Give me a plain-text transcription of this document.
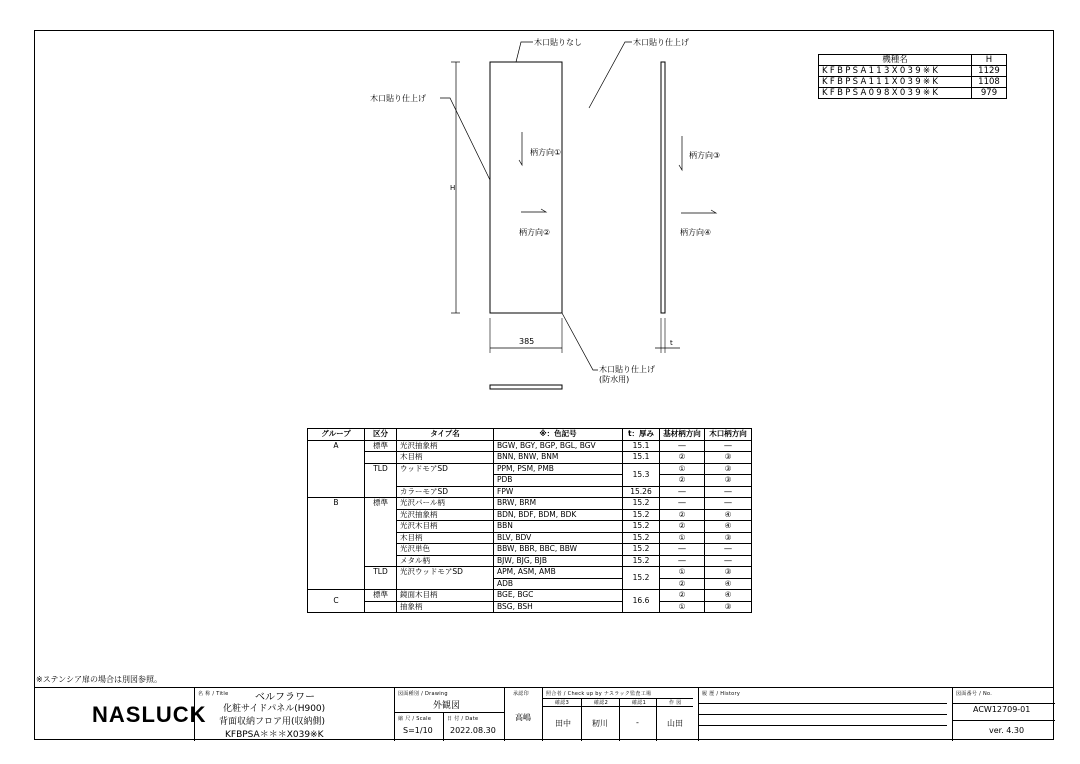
木口貼りなし	木口貼り仕上げ
木口貼り仕上げ
H
柄方向①
柄方向②
柄方向③
柄方向④
385	t
木口貼り仕上げ
(防水用)
機種名	H
KFBPSA113X039※K	1129
KFBPSA111X039※K	1108
KFBPSA098X039※K	979
グループ	区分	タイプ名	※：色記号	t：厚み	基材柄方向	木口柄方向
A	標準	光沢抽象柄	BGW, BGY, BGP, BGL, BGV	15.1	―	―
		木目柄	BNN, BNW, BNM	15.1	②	③
	TLD	ウッドモアSD	PPM, PSM, PMB	15.3	①	③
			PDB		②	③
		カラーモアSD	FPW	15.26	―	―
B	標準	光沢パール柄	BRW, BRM	15.2	―	―
		光沢抽象柄	BDN, BDF, BDM, BDK	15.2	②	④
		光沢木目柄	BBN	15.2	②	④
		木目柄	BLV, BDV	15.2	①	③
		光沢単色	BBW, BBR, BBC, BBW	15.2	―	―
		メタル柄	BJW, BJG, BJB	15.2	―	―
	TLD	光沢ウッドモアSD	APM, ASM, AMB	15.2	①	③
			ADB		②	④
C	標準	鏡面木目柄	BGE, BGC	16.6	②	④
		抽象柄	BSG, BSH		①	③
※ステンシア扉の場合は別図参照。
NASLUCK
名 称 / Title	ベルフラワー
化粧サイドパネル(H900)
背面収納フロア用(収納側)
KFBPSA＊＊＊X039※K
図面種別 / Drawing
外観図
縮 尺 / Scale
S=1/10
日 付 / Date
2022.08.30
承認印
高嶋
照合者 / Check up by ナスラック監査工場
確認3
田中
確認2
籾川
確認1
-
作 図
山田
履 歴 / History	図面番号 / No.
ACW12709-01
ver. 4.30
